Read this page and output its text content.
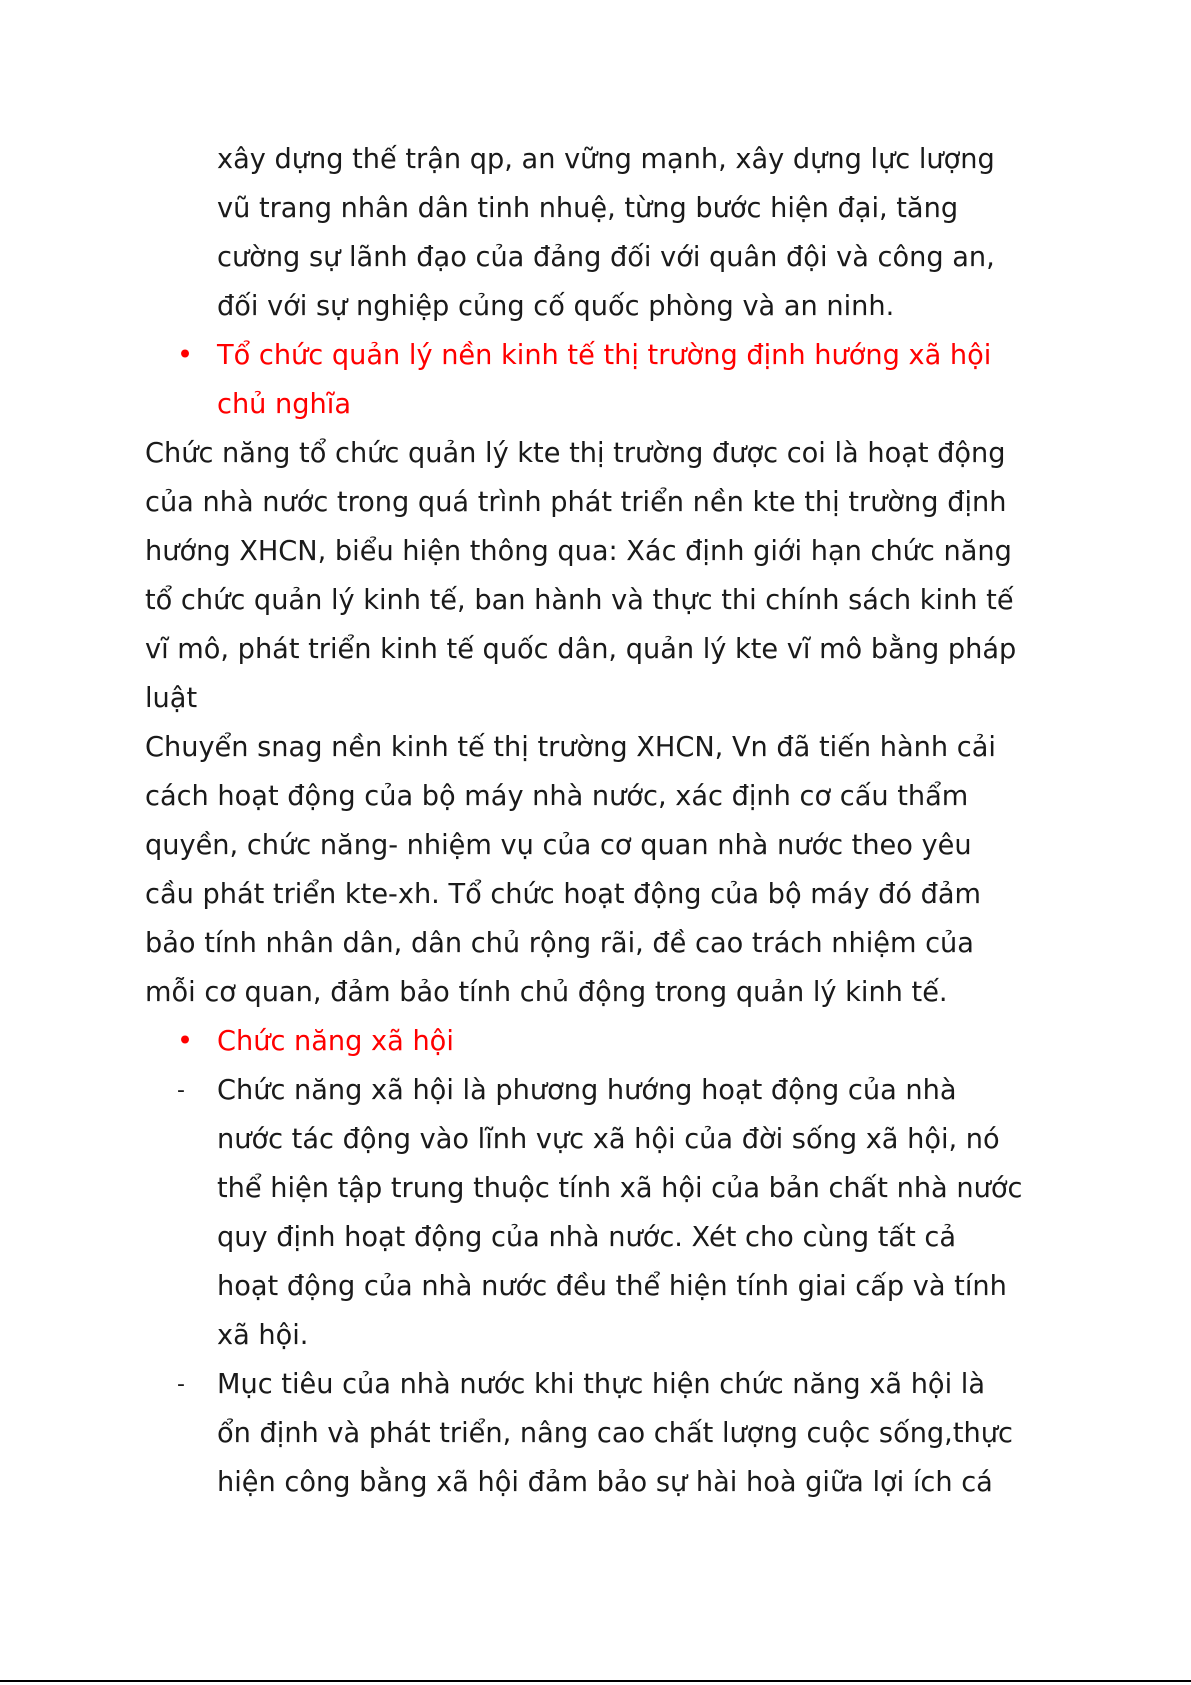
xây dựng thế trận qp, an vững mạnh, xây dựng lực lượng
vũ trang nhân dân tinh nhuệ, từng bước hiện đại, tăng
cường sự lãnh đạo của đảng đối với quân đội và công an,
đối với sự nghiệp củng cố quốc phòng và an ninh.
• Tổ chức quản lý nền kinh tế thị trường định hướng xã hội
chủ nghĩa
Chức năng tổ chức quản lý kte thị trường được coi là hoạt động
của nhà nước trong quá trình phát triển nền kte thị trường định
hướng XHCN, biểu hiện thông qua: Xác định giới hạn chức năng
tổ chức quản lý kinh tế, ban hành và thực thi chính sách kinh tế
vĩ mô, phát triển kinh tế quốc dân, quản lý kte vĩ mô bằng pháp
luật
Chuyển snag nền kinh tế thị trường XHCN, Vn đã tiến hành cải
cách hoạt động của bộ máy nhà nước, xác định cơ cấu thẩm
quyền, chức năng- nhiệm vụ của cơ quan nhà nước theo yêu
cầu phát triển kte-xh. Tổ chức hoạt động của bộ máy đó đảm
bảo tính nhân dân, dân chủ rộng rãi, đề cao trách nhiệm của
mỗi cơ quan, đảm bảo tính chủ động trong quản lý kinh tế.
• Chức năng xã hội
-	Chức năng xã hội là phương hướng hoạt động của nhà
nước tác động vào lĩnh vực xã hội của đời sống xã hội, nó
thể hiện tập trung thuộc tính xã hội của bản chất nhà nước
quy định hoạt động của nhà nước. Xét cho cùng tất cả
hoạt động của nhà nước đều thể hiện tính giai cấp và tính
xã hội.
-	Mục tiêu của nhà nước khi thực hiện chức năng xã hội là
ổn định và phát triển, nâng cao chất lượng cuộc sống,thực
hiện công bằng xã hội đảm bảo sự hài hoà giữa lợi ích cá
